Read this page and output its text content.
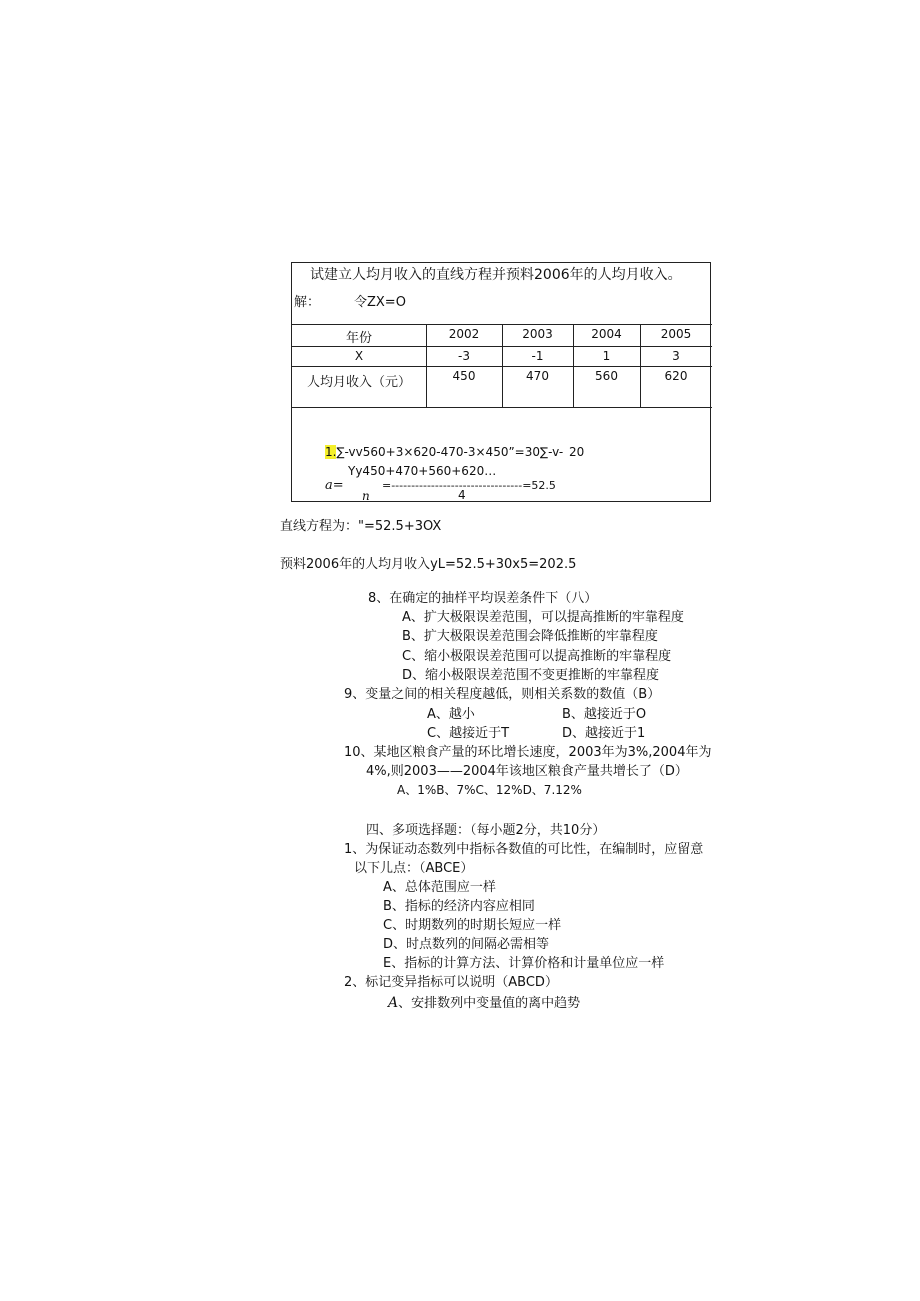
试建立人均月收入的直线方程并预料2006年的人均月收入。
解：	令ZX=O
年份	2002	2003	2004	2005
X	-3	-1	1	3
人均月收入（元）	450	470	560	620
1.∑-vv560+3×620-470-3×450”=30∑-v- 20
Yy450+470+560+620…
a=	=---------------------------------=52.5
n	4
直线方程为："=52.5+3OX
预料2006年的人均月收入yL=52.5+30x5=202.5
8、在确定的抽样平均误差条件下（八）
A、扩大极限误差范围，可以提高推断的牢靠程度
B、扩大极限误差范围会降低推断的牢靠程度
C、缩小极限误差范围可以提高推断的牢靠程度
D、缩小极限误差范围不变更推断的牢靠程度
9、变量之间的相关程度越低，则相关系数的数值（B）
A、越小	B、越接近于O
C、越接近于T	D、越接近于1
10、某地区粮食产量的环比增长速度，2003年为3%,2004年为
4%,则2003——2004年该地区粮食产量共增长了（D）
A、1%B、7%C、12%D、7.12%
四、多项选择题：（每小题2分，共10分）
1、为保证动态数列中指标各数值的可比性，在编制时，应留意
以下儿点：（ABCE）
A、总体范围应一样
B、指标的经济内容应相同
C、时期数列的时期长短应一样
D、时点数列的间隔必需相等
E、指标的计算方法、计算价格和计量单位应一样
2、标记变异指标可以说明（ABCD）
A、安排数列中变量值的离中趋势
